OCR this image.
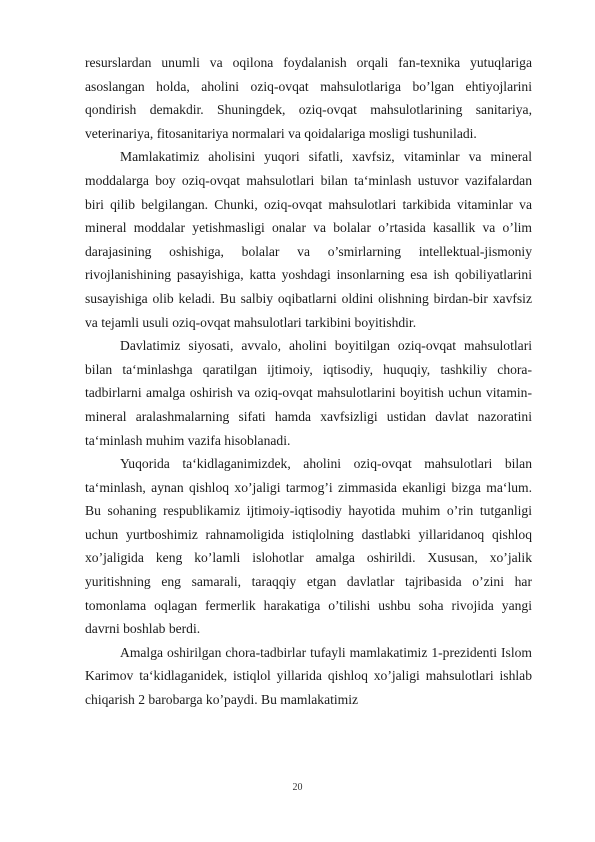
resurslardan unumli va oqilona foydalanish orqali fan-texnika yutuqlariga asoslangan holda, aholini oziq-ovqat mahsulotlariga bo’lgan ehtiyojlarini qondirish demakdir. Shuningdek, oziq-ovqat mahsulotlarining sanitariya, veterinariya, fitosanitariya normalari va qoidalariga mosligi tushuniladi.

Mamlakatimiz aholisini yuqori sifatli, xavfsiz, vitaminlar va mineral moddalarga boy oziq-ovqat mahsulotlari bilan ta‘minlash ustuvor vazifalardan biri qilib belgilangan. Chunki, oziq-ovqat mahsulotlari tarkibida vitaminlar va mineral moddalar yetishmasligi onalar va bolalar o’rtasida kasallik va o’lim darajasining oshishiga, bolalar va o’smirlarning intellektual-jismoniy rivojlanishining pasayishiga, katta yoshdagi insonlarning esa ish qobiliyatlarini susayishiga olib keladi. Bu salbiy oqibatlarni oldini olishning birdan-bir xavfsiz va tejamli usuli oziq-ovqat mahsulotlari tarkibini boyitishdir.

Davlatimiz siyosati, avvalo, aholini boyitilgan oziq-ovqat mahsulotlari bilan ta‘minlashga qaratilgan ijtimoiy, iqtisodiy, huquqiy, tashkiliy chora-tadbirlarni amalga oshirish va oziq-ovqat mahsulotlarini boyitish uchun vitamin-mineral aralashmalarning sifati hamda xavfsizligi ustidan davlat nazoratini ta‘minlash muhim vazifa hisoblanadi.

Yuqorida ta‘kidlaganimizdek, aholini oziq-ovqat mahsulotlari bilan ta‘minlash, aynan qishloq xo’jaligi tarmog’i zimmasida ekanligi bizga ma‘lum. Bu sohaning respublikamiz ijtimoiy-iqtisodiy hayotida muhim o’rin tutganligi uchun yurtboshimiz rahnamoligida istiqlolning dastlabki yillaridanoq qishloq xo’jaligida keng ko’lamli islohotlar amalga oshirildi. Xususan, xo’jalik yuritishning eng samarali, taraqqiy etgan davlatlar tajribasida o’zini har tomonlama oqlagan fermerlik harakatiga o’tilishi ushbu soha rivojida yangi davrni boshlab berdi.

Amalga oshirilgan chora-tadbirlar tufayli mamlakatimiz 1-prezidenti Islom Karimov ta‘kidlaganidek, istiqlol yillarida qishloq xo’jaligi mahsulotlari ishlab chiqarish 2 barobarga ko’paydi. Bu mamlakatimiz

20
